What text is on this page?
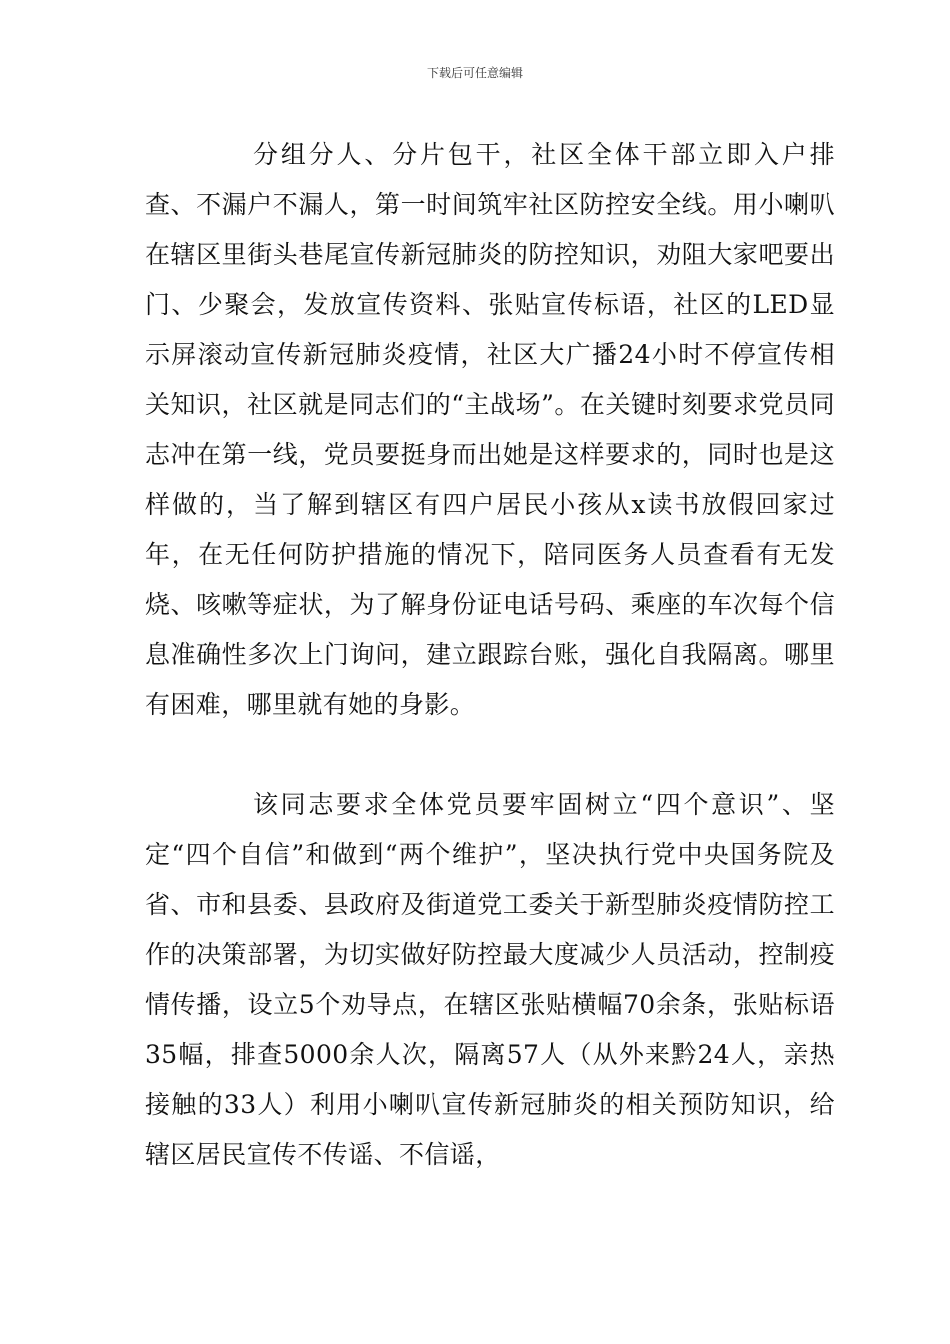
下载后可任意编辑

分组分人、分片包干，社区全体干部立即入户排查、不漏户不漏人，第一时间筑牢社区防控安全线。用小喇叭在辖区里街头巷尾宣传新冠肺炎的防控知识，劝阻大家吧要出门、少聚会，发放宣传资料、张贴宣传标语，社区的LED显示屏滚动宣传新冠肺炎疫情，社区大广播24小时不停宣传相关知识，社区就是同志们的“主战场”。在关键时刻要求党员同志冲在第一线，党员要挺身而出她是这样要求的，同时也是这样做的，当了解到辖区有四户居民小孩从x读书放假回家过年，在无任何防护措施的情况下，陪同医务人员查看有无发烧、咳嗽等症状，为了解身份证电话号码、乘座的车次每个信息准确性多次上门询问，建立跟踪台账，强化自我隔离。哪里有困难，哪里就有她的身影。

该同志要求全体党员要牢固树立“四个意识”、坚定“四个自信”和做到“两个维护”，坚决执行党中央国务院及省、市和县委、县政府及街道党工委关于新型肺炎疫情防控工作的决策部署，为切实做好防控最大度减少人员活动，控制疫情传播，设立5个劝导点，在辖区张贴横幅70余条，张贴标语35幅，排查5000余人次，隔离57人（从外来黔24人，亲热接触的33人）利用小喇叭宣传新冠肺炎的相关预防知识，给辖区居民宣传不传谣、不信谣，
